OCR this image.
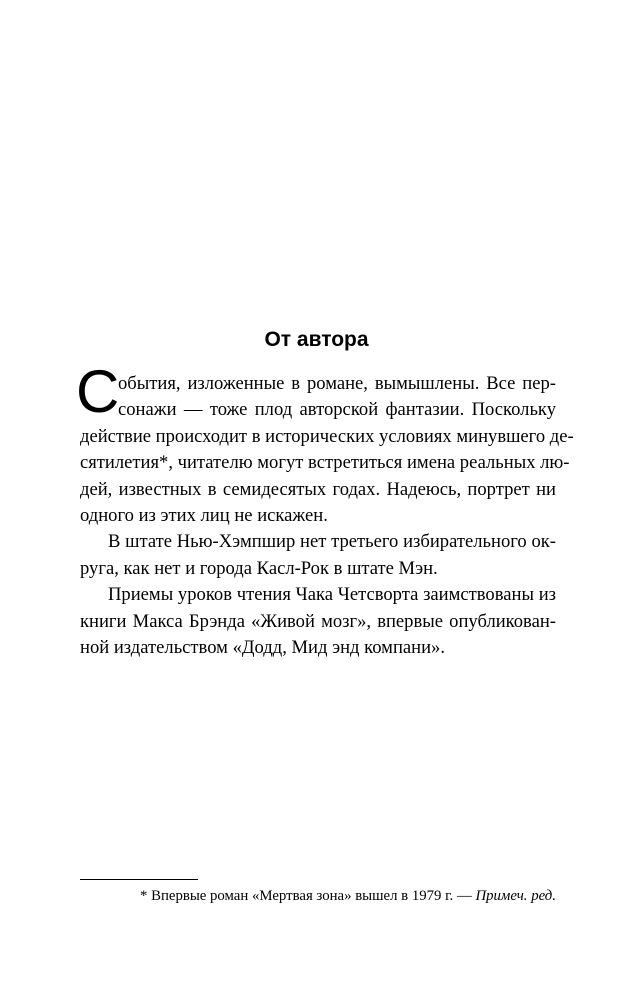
От автора
С
обытия, изложенные в романе, вымышлены. Все пер-
сонажи — тоже плод авторской фантазии. Поскольку
действие происходит в исторических условиях минувшего де-
сятилетия*, читателю могут встретиться имена реальных лю-
дей, известных в семидесятых годах. Надеюсь, портрет ни
одного из этих лиц не искажен.
В штате Нью-Хэмпшир нет третьего избирательного ок-
руга, как нет и города Касл-Рок в штате Мэн.
Приемы уроков чтения Чака Четсворта заимствованы из
книги Макса Брэнда «Живой мозг», впервые опубликован-
ной издательством «Додд, Мид энд компани».
* Впервые роман «Мертвая зона» вышел в 1979 г. — Примеч. ред.
